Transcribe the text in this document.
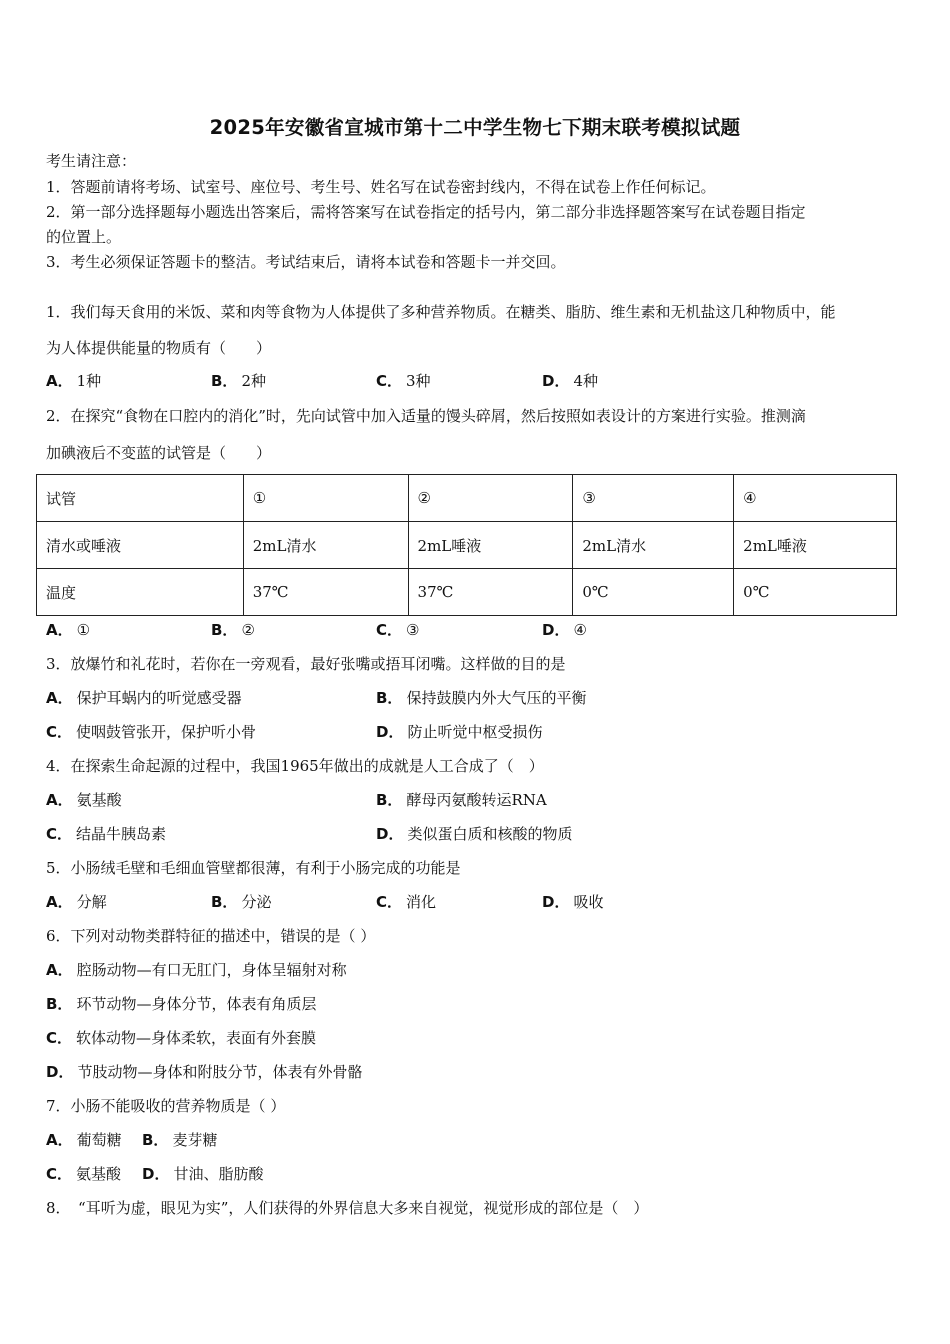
2025年安徽省宣城市第十二中学生物七下期末联考模拟试题
考生请注意：
1．答题前请将考场、试室号、座位号、考生号、姓名写在试卷密封线内，不得在试卷上作任何标记。
2．第一部分选择题每小题选出答案后，需将答案写在试卷指定的括号内，第二部分非选择题答案写在试卷题目指定
的位置上。
3．考生必须保证答题卡的整洁。考试结束后，请将本试卷和答题卡一并交回。
1．我们每天食用的米饭、菜和肉等食物为人体提供了多种营养物质。在糖类、脂肪、维生素和无机盐这几种物质中，能
为人体提供能量的物质有（　　）
A． 1种	B． 2种	C． 3种	D． 4种
2．在探究“食物在口腔内的消化”时，先向试管中加入适量的馒头碎屑，然后按照如表设计的方案进行实验。推测滴
加碘液后不变蓝的试管是（　　）
试管	①	②	③	④
清水或唾液	2mL清水	2mL唾液	2mL清水	2mL唾液
温度	37℃	37℃	0℃	0℃
A． ①	B． ②	C． ③	D． ④
3．放爆竹和礼花时，若你在一旁观看，最好张嘴或捂耳闭嘴。这样做的目的是
A． 保护耳蜗内的听觉感受器	B． 保持鼓膜内外大气压的平衡
C． 使咽鼓管张开，保护听小骨	D． 防止听觉中枢受损伤
4．在探索生命起源的过程中，我国1965年做出的成就是人工合成了（　）
A． 氨基酸	B． 酵母丙氨酸转运RNA
C． 结晶牛胰岛素	D． 类似蛋白质和核酸的物质
5．小肠绒毛壁和毛细血管壁都很薄，有利于小肠完成的功能是
A． 分解	B． 分泌	C． 消化	D． 吸收
6．下列对动物类群特征的描述中，错误的是（ ）
A． 腔肠动物—有口无肛门，身体呈辐射对称
B． 环节动物—身体分节，体表有角质层
C． 软体动物—身体柔软，表面有外套膜
D． 节肢动物—身体和附肢分节，体表有外骨骼
7．小肠不能吸收的营养物质是（ ）
A． 葡萄糖 B． 麦芽糖
C． 氨基酸 D． 甘油、脂肪酸
8．　“耳听为虚，眼见为实”，人们获得的外界信息大多来自视觉，视觉形成的部位是（　）
